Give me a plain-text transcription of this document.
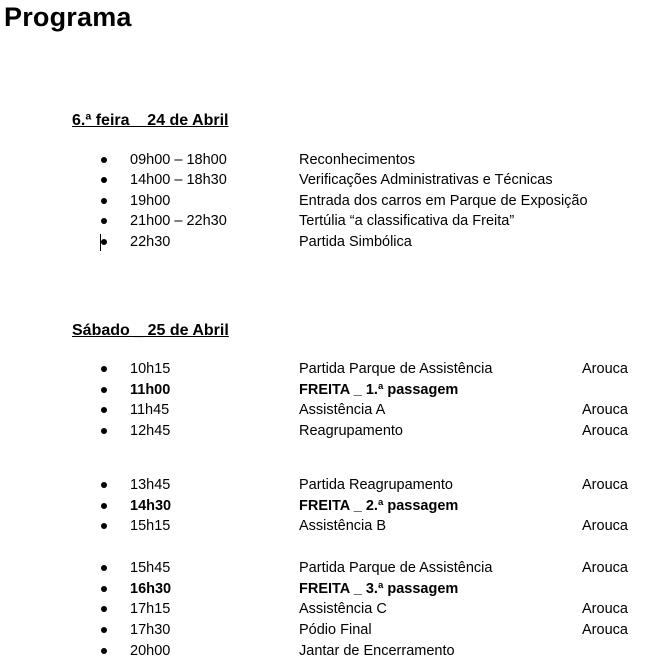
Programa
6.ª feira    24 de Abril
09h00 – 18h00	Reconhecimentos
14h00 – 18h30	Verificações Administrativas e Técnicas
19h00	Entrada dos carros em Parque de Exposição
21h00 – 22h30	Tertúlia “a classificativa da Freita”
22h30	Partida Simbólica
Sábado _ 25 de Abril
10h15	Partida Parque de Assistência	Arouca
11h00	FREITA _ 1.ª passagem
11h45	Assistência A	Arouca
12h45	Reagrupamento	Arouca
13h45	Partida Reagrupamento	Arouca
14h30	FREITA _ 2.ª passagem
15h15	Assistência B	Arouca
15h45	Partida Parque de Assistência	Arouca
16h30	FREITA _ 3.ª passagem
17h15	Assistência C	Arouca
17h30	Pódio Final	Arouca
20h00	Jantar de Encerramento
